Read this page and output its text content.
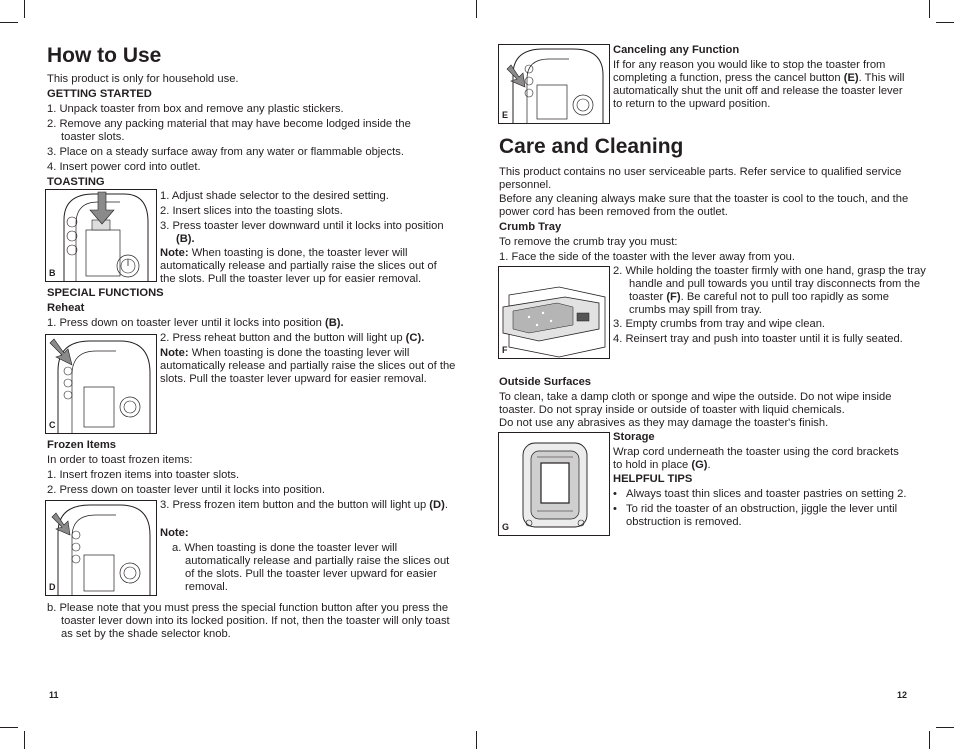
How to Use
This product is only for household use.
GETTING STARTED
1. Unpack toaster from box and remove any plastic stickers.
2. Remove any packing material that may have become lodged inside the toaster slots.
3. Place on a steady surface away from any water or flammable objects.
4. Insert power cord into outlet.
TOASTING
B
1. Adjust shade selector to the desired setting.
2. Insert slices into the toasting slots.
3. Press toaster lever downward until it locks into position (B).
Note: When toasting is done, the toaster lever will automatically release and partially raise the slices out of the slots. Pull the toaster lever up for easier removal.
SPECIAL FUNCTIONS
Reheat
1. Press down on toaster lever until it locks into position (B).
C
2. Press reheat button and the button will light up (C).
Note: When toasting is done the toasting lever will automatically release and partially raise the slices out of the slots. Pull the toaster lever upward for easier removal.
Frozen Items
In order to toast frozen items:
1. Insert frozen items into toaster slots.
2. Press down on toaster lever until it locks into position.
D
3. Press frozen item button and the button will light up (D).
Note:
a. When toasting is done the toaster lever will automatically release and partially raise the slices out of the slots. Pull the toaster lever upward for easier removal.
b. Please note that you must press the special function button after you press the toaster lever down into its locked position. If not, then the toaster will only toast as set by the shade selector knob.
11
E
Canceling any Function
If for any reason you would like to stop the toaster from completing a function, press the cancel button (E). This will automatically shut the unit off and release the toaster lever to return to the upward position.
Care and Cleaning
This product contains no user serviceable parts. Refer service to qualified service personnel.
Before any cleaning always make sure that the toaster is cool to the touch, and the power cord has been removed from the outlet.
Crumb Tray
To remove the crumb tray you must:
1. Face the side of the toaster with the lever away from you.
F
2. While holding the toaster firmly with one hand, grasp the tray handle and pull towards you until tray disconnects from the toaster (F). Be careful not to pull too rapidly as some crumbs may spill from tray.
3. Empty crumbs from tray and wipe clean.
4. Reinsert tray and push into toaster until it is fully seated.
Outside Surfaces
To clean, take a damp cloth or sponge and wipe the outside. Do not wipe inside toaster. Do not spray inside or outside of toaster with liquid chemicals.
Do not use any abrasives as they may damage the toaster's finish.
G
Storage
Wrap cord underneath the toaster using the cord brackets to hold in place (G).
HELPFUL TIPS
• Always toast thin slices and toaster pastries on setting 2.
• To rid the toaster of an obstruction, jiggle the lever until obstruction is removed.
12
